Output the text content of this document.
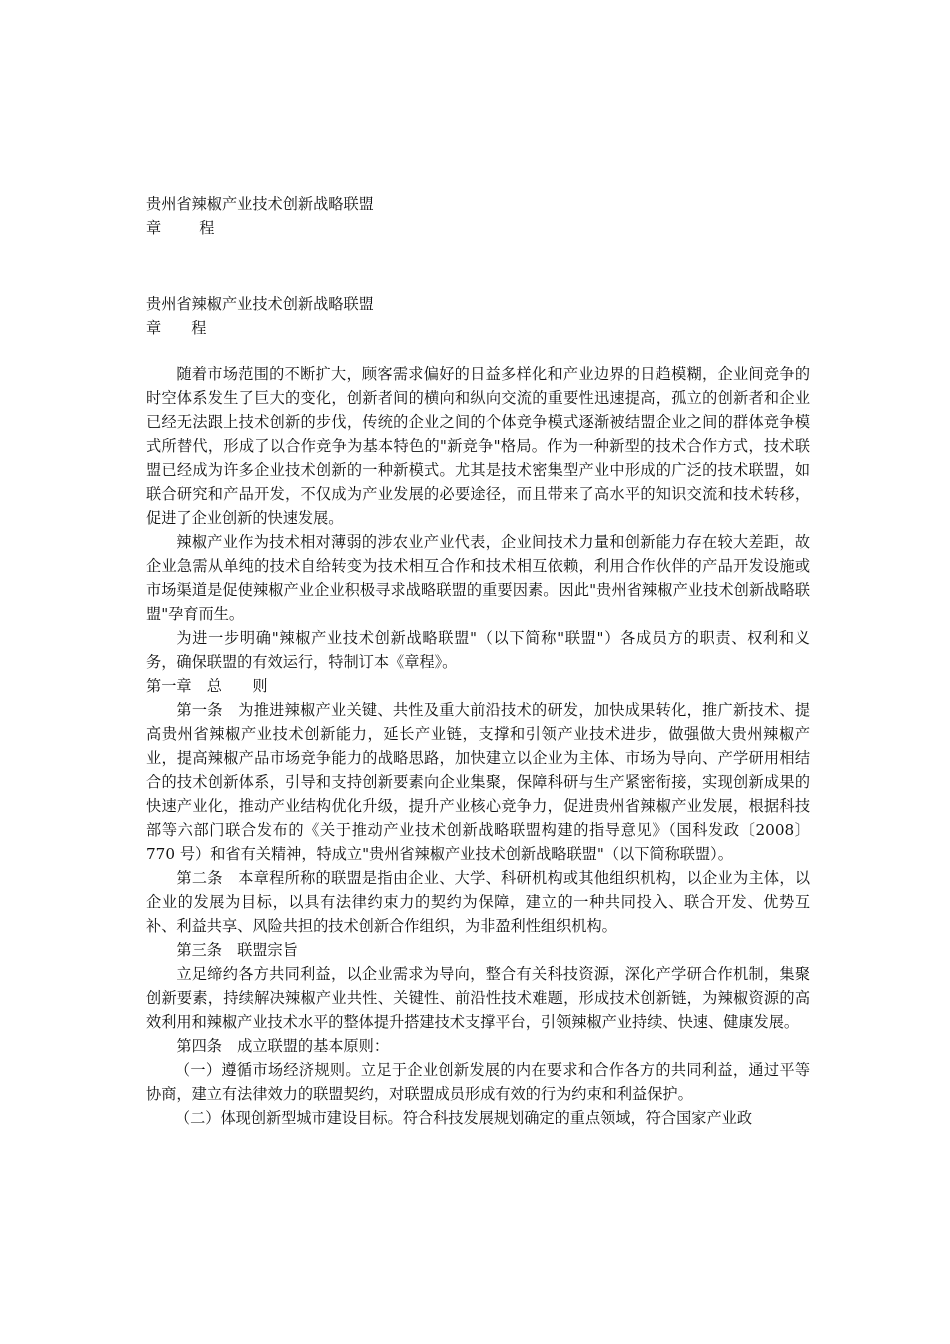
贵州省辣椒产业技术创新战略联盟
章	程
贵州省辣椒产业技术创新战略联盟
章 程

随着市场范围的不断扩大，顾客需求偏好的日益多样化和产业边界的日趋模糊，企业间竞争的时空体系发生了巨大的变化，创新者间的横向和纵向交流的重要性迅速提高，孤立的创新者和企业已经无法跟上技术创新的步伐，传统的企业之间的个体竞争模式逐渐被结盟企业之间的群体竞争模式所替代，形成了以合作竞争为基本特色的"新竞争"格局。作为一种新型的技术合作方式，技术联盟已经成为许多企业技术创新的一种新模式。尤其是技术密集型产业中形成的广泛的技术联盟，如联合研究和产品开发，不仅成为产业发展的必要途径，而且带来了高水平的知识交流和技术转移，促进了企业创新的快速发展。

辣椒产业作为技术相对薄弱的涉农业产业代表，企业间技术力量和创新能力存在较大差距，故企业急需从单纯的技术自给转变为技术相互合作和技术相互依赖，利用合作伙伴的产品开发设施或市场渠道是促使辣椒产业企业积极寻求战略联盟的重要因素。因此"贵州省辣椒产业技术创新战略联盟"孕育而生。

为进一步明确"辣椒产业技术创新战略联盟"（以下简称"联盟"）各成员方的职责、权利和义务，确保联盟的有效运行，特制订本《章程》。

第一章　总　　则

第一条　为推进辣椒产业关键、共性及重大前沿技术的研发，加快成果转化，推广新技术、提高贵州省辣椒产业技术创新能力，延长产业链，支撑和引领产业技术进步，做强做大贵州辣椒产业，提高辣椒产品市场竞争能力的战略思路，加快建立以企业为主体、市场为导向、产学研用相结合的技术创新体系，引导和支持创新要素向企业集聚，保障科研与生产紧密衔接，实现创新成果的快速产业化，推动产业结构优化升级，提升产业核心竞争力，促进贵州省辣椒产业发展，根据科技部等六部门联合发布的《关于推动产业技术创新战略联盟构建的指导意见》（国科发政〔2008〕770 号）和省有关精神，特成立"贵州省辣椒产业技术创新战略联盟"（以下简称联盟）。

第二条　本章程所称的联盟是指由企业、大学、科研机构或其他组织机构，以企业为主体，以企业的发展为目标，以具有法律约束力的契约为保障，建立的一种共同投入、联合开发、优势互补、利益共享、风险共担的技术创新合作组织，为非盈利性组织机构。

第三条　联盟宗旨

立足缔约各方共同利益，以企业需求为导向，整合有关科技资源，深化产学研合作机制，集聚创新要素，持续解决辣椒产业共性、关键性、前沿性技术难题，形成技术创新链，为辣椒资源的高效利用和辣椒产业技术水平的整体提升搭建技术支撑平台，引领辣椒产业持续、快速、健康发展。

第四条　成立联盟的基本原则：

（一）遵循市场经济规则。立足于企业创新发展的内在要求和合作各方的共同利益，通过平等协商，建立有法律效力的联盟契约，对联盟成员形成有效的行为约束和利益保护。

（二）体现创新型城市建设目标。符合科技发展规划确定的重点领域，符合国家产业政
